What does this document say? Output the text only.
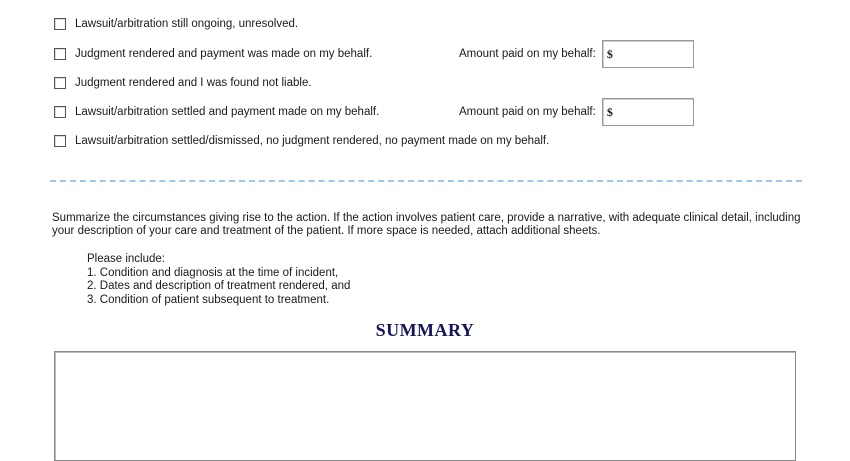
Lawsuit/arbitration still ongoing, unresolved.
Judgment rendered and payment was made on my behalf.	Amount paid on my behalf: $
Judgment rendered and I was found not liable.
Lawsuit/arbitration settled and payment made on my behalf.	Amount paid on my behalf: $
Lawsuit/arbitration settled/dismissed, no judgment rendered, no payment made on my behalf.
Summarize the circumstances giving rise to the action. If the action involves patient care, provide a narrative, with adequate clinical detail, including
your description of your care and treatment of the patient. If more space is needed, attach additional sheets.
Please include:
1. Condition and diagnosis at the time of incident,
2. Dates and description of treatment rendered, and
3. Condition of patient subsequent to treatment.
SUMMARY
